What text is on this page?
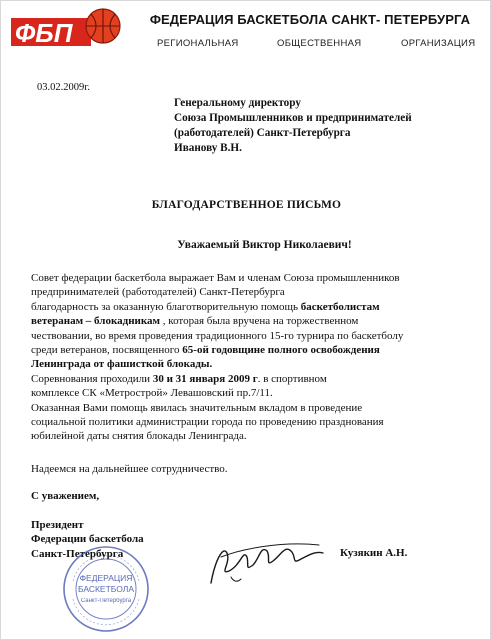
ФБП	ФЕДЕРАЦИЯ БАСКЕТБОЛА САНКТ- ПЕТЕРБУРГА
РЕГИОНАЛЬНАЯ	ОБЩЕСТВЕННАЯ	ОРГАНИЗАЦИЯ
03.02.2009г.
Генеральному директору
Союза Промышленников и предпринимателей
(работодателей) Санкт-Петербурга
Иванову В.Н.
БЛАГОДАРСТВЕННОЕ ПИСЬМО
Уважаемый Виктор Николаевич!
Совет федерации баскетбола выражает Вам и членам Союза промышленников
предпринимателей (работодателей) Санкт-Петербурга
благодарность за оказанную благотворительную помощь баскетболистам
ветеранам – блокадникам , которая была вручена на торжественном
чествовании, во время проведения традиционного 15-го турнира по баскетболу
среди ветеранов, посвященного 65-ой годовщине полного освобождения
Ленинграда от фашисткой блокады.
Соревнования проходили 30 и 31 января 2009 г. в спортивном
комплексе СК «Метрострой» Левашовский пр.7/11.
Оказанная Вами помощь явилась значительным вкладом в проведение
социальной политики администрации города по проведению празднования
юбилейной даты снятия блокады Ленинграда.
Надеемся на дальнейшее сотрудничество.
С уважением,
Президент
Федерации баскетбола
Санкт-Петербурга	Кузякин А.Н.
ФЕДЕРАЦИЯ
БАСКЕТБОЛА
Санкт-Петербурга
